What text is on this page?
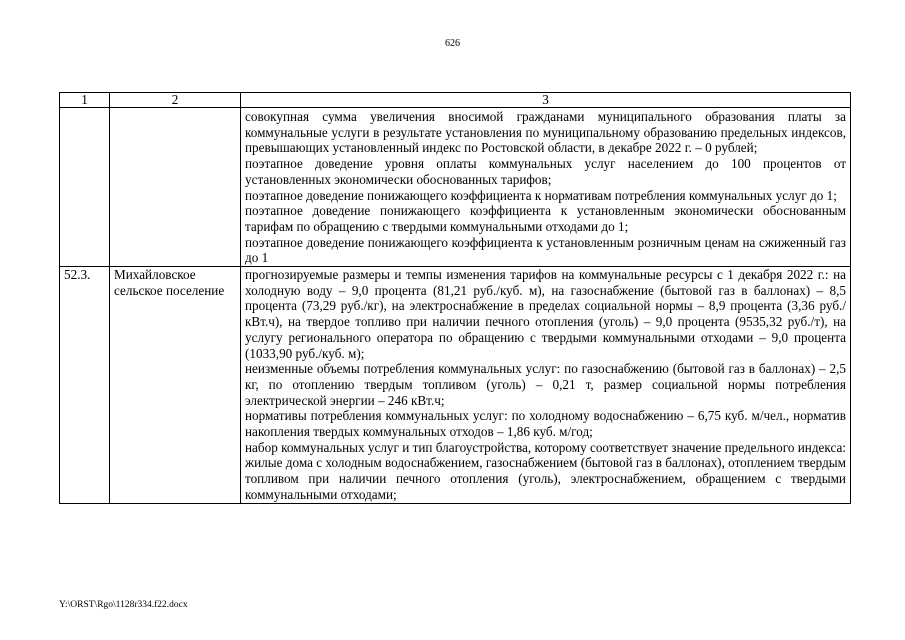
626
1	2	3

		совокупная сумма увеличения вносимой гражданами муниципального образования платы за коммунальные услуги в результате установления по муниципальному образованию предельных индексов, превышающих установленный индекс по Ростовской области, в декабре 2022 г. – 0 рублей;

поэтапное доведение уровня оплаты коммунальных услуг населением до 100 процентов от установленных экономически обоснованных тарифов;

поэтапное доведение понижающего коэффициента к нормативам потребления коммунальных услуг до 1;

поэтапное доведение понижающего коэффициента к установленным экономически обоснованным тарифам по обращению с твердыми коммунальными отходами до 1;

поэтапное доведение понижающего коэффициента к установленным розничным ценам на сжиженный газ до 1

52.3.	Михайловское сельское поселение	прогнозируемые размеры и темпы изменения тарифов на коммунальные ресурсы с 1 декабря 2022 г.: на холодную воду – 9,0 процента (81,21 руб./куб. м), на газоснабжение (бытовой газ в баллонах) – 8,5 процента (73,29 руб./кг), на электроснабжение в пределах социальной нормы – 8,9 процента (3,36 руб./кВт.ч), на твердое топливо при наличии печного отопления (уголь) – 9,0 процента (9535,32 руб./т), на услугу регионального оператора по обращению с твердыми коммунальными отходами – 9,0 процента (1033,90 руб./куб. м);

неизменные объемы потребления коммунальных услуг: по газоснабжению (бытовой газ в баллонах) – 2,5 кг, по отоплению твердым топливом (уголь) – 0,21 т, размер социальной нормы потребления электрической энергии – 246 кВт.ч;

нормативы потребления коммунальных услуг: по холодному водоснабжению – 6,75 куб. м/чел., норматив накопления твердых коммунальных отходов – 1,86 куб. м/год;

набор коммунальных услуг и тип благоустройства, которому соответствует значение предельного индекса: жилые дома с холодным водоснабжением, газоснабжением (бытовой газ в баллонах), отоплением твердым топливом при наличии печного отопления (уголь), электроснабжением, обращением с твердыми коммунальными отходами;

Y:\ORST\Rgo\1128r334.f22.docx
